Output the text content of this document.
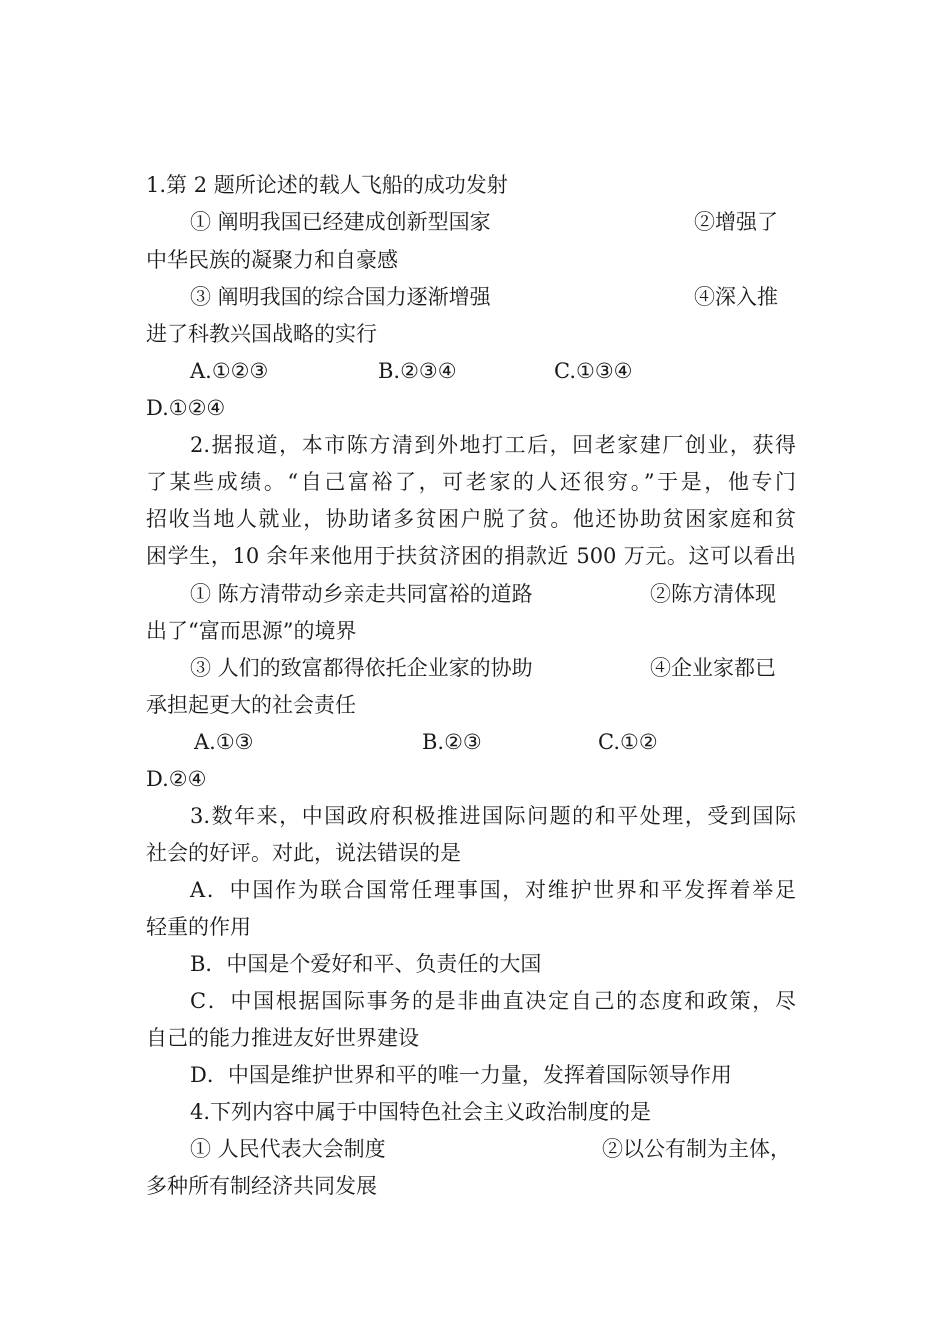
1.第 2 题所论述的载人飞船的成功发射
① 阐明我国已经建成创新型国家	②增强了
中华民族的凝聚力和自豪感
③ 阐明我国的综合国力逐渐增强	④深入推
进了科教兴国战略的实行
A.①②③	B.②③④	C.①③④
D.①②④
2.据报道，本市陈方清到外地打工后，回老家建厂创业，获得
了某些成绩。“自己富裕了，可老家的人还很穷。”于是，他专门
招收当地人就业，协助诸多贫困户脱了贫。他还协助贫困家庭和贫
困学生，10 余年来他用于扶贫济困的捐款近 500 万元。这可以看出
① 陈方清带动乡亲走共同富裕的道路	②陈方清体现
出了“富而思源”的境界
③ 人们的致富都得依托企业家的协助	④企业家都已
承担起更大的社会责任
A.①③	B.②③	C.①②
D.②④
3.数年来，中国政府积极推进国际问题的和平处理，受到国际
社会的好评。对此，说法错误的是
A．中国作为联合国常任理事国，对维护世界和平发挥着举足
轻重的作用
B．中国是个爱好和平、负责任的大国
C．中国根据国际事务的是非曲直决定自己的态度和政策，尽
自己的能力推进友好世界建设
D．中国是维护世界和平的唯一力量，发挥着国际领导作用
4.下列内容中属于中国特色社会主义政治制度的是
① 人民代表大会制度	②以公有制为主体，
多种所有制经济共同发展
